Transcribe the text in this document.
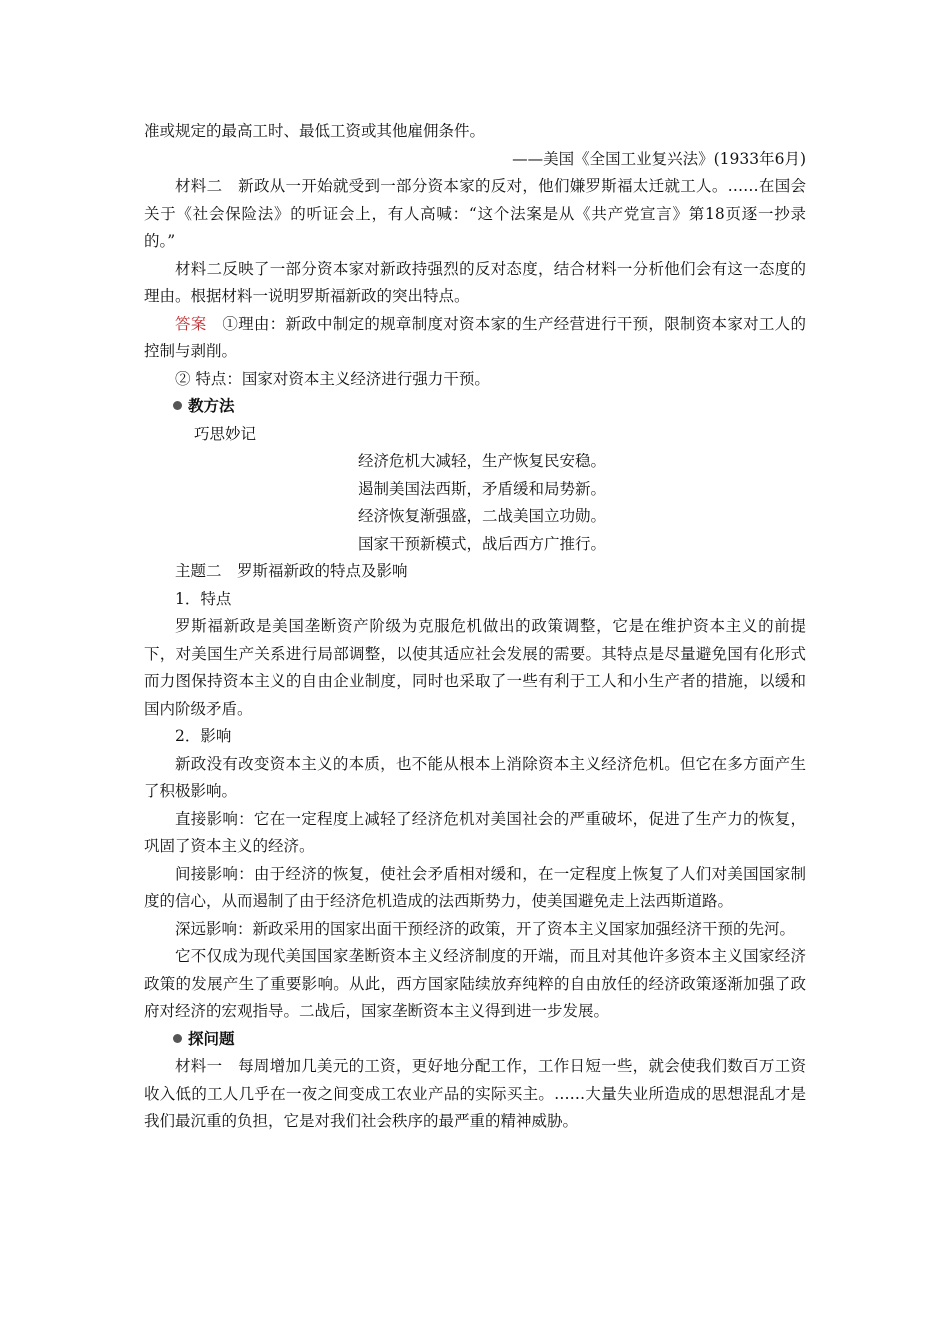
准或规定的最高工时、最低工资或其他雇佣条件。

——美国《全国工业复兴法》(1933年6月)

材料二　新政从一开始就受到一部分资本家的反对，他们嫌罗斯福太迁就工人。……在国会关于《社会保险法》的听证会上，有人高喊：“这个法案是从《共产党宣言》第18页逐一抄录的。”

材料二反映了一部分资本家对新政持强烈的反对态度，结合材料一分析他们会有这一态度的理由。根据材料一说明罗斯福新政的突出特点。

答案　 ①理由：新政中制定的规章制度对资本家的生产经营进行干预，限制资本家对工人的控制与剥削。

② 特点：国家对资本主义经济进行强力干预。

教方法

巧思妙记

经济危机大减轻，生产恢复民安稳。

遏制美国法西斯，矛盾缓和局势新。

经济恢复渐强盛，二战美国立功勋。

国家干预新模式，战后西方广推行。

主题二　罗斯福新政的特点及影响

1．特点

罗斯福新政是美国垄断资产阶级为克服危机做出的政策调整，它是在维护资本主义的前提下，对美国生产关系进行局部调整，以使其适应社会发展的需要。其特点是尽量避免国有化形式而力图保持资本主义的自由企业制度，同时也采取了一些有利于工人和小生产者的措施，以缓和国内阶级矛盾。

2．影响

新政没有改变资本主义的本质，也不能从根本上消除资本主义经济危机。但它在多方面产生了积极影响。

直接影响：它在一定程度上减轻了经济危机对美国社会的严重破坏，促进了生产力的恢复，巩固了资本主义的经济。

间接影响：由于经济的恢复，使社会矛盾相对缓和，在一定程度上恢复了人们对美国国家制度的信心，从而遏制了由于经济危机造成的法西斯势力，使美国避免走上法西斯道路。

深远影响：新政采用的国家出面干预经济的政策，开了资本主义国家加强经济干预的先河。

它不仅成为现代美国国家垄断资本主义经济制度的开端，而且对其他许多资本主义国家经济政策的发展产生了重要影响。从此，西方国家陆续放弃纯粹的自由放任的经济政策逐渐加强了政府对经济的宏观指导。二战后，国家垄断资本主义得到进一步发展。

探问题

材料一　每周增加几美元的工资，更好地分配工作，工作日短一些，就会使我们数百万工资收入低的工人几乎在一夜之间变成工农业产品的实际买主。……大量失业所造成的思想混乱才是我们最沉重的负担，它是对我们社会秩序的最严重的精神威胁。
